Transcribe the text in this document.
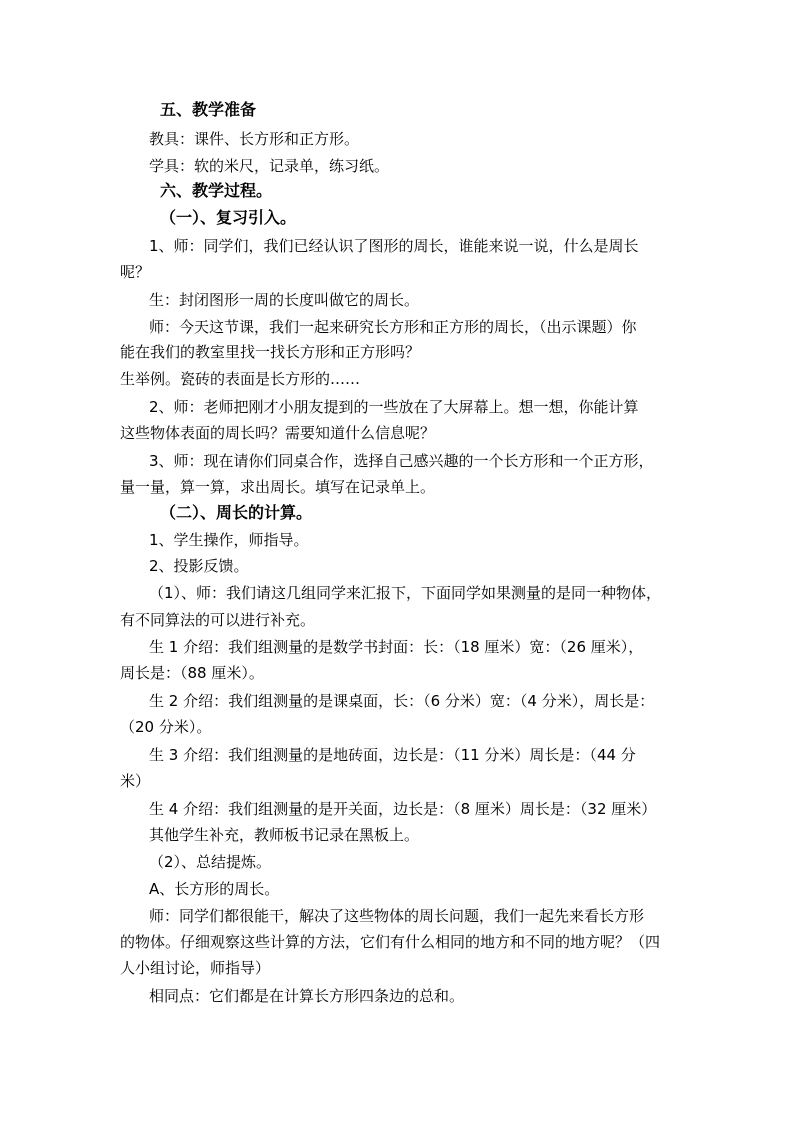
五、教学准备
教具：课件、长方形和正方形。
学具：软的米尺，记录单，练习纸。
六、教学过程。
（一）、复习引入。
1、师：同学们，我们已经认识了图形的周长，谁能来说一说，什么是周长
呢？
生：封闭图形一周的长度叫做它的周长。
师：今天这节课，我们一起来研究长方形和正方形的周长，（出示课题）你
能在我们的教室里找一找长方形和正方形吗？
生举例。瓷砖的表面是长方形的……
2、师：老师把刚才小朋友提到的一些放在了大屏幕上。想一想，你能计算
这些物体表面的周长吗？需要知道什么信息呢？
3、师：现在请你们同桌合作，选择自己感兴趣的一个长方形和一个正方形，
量一量，算一算，求出周长。填写在记录单上。
（二）、周长的计算。
1、学生操作，师指导。
2、投影反馈。
（1）、师：我们请这几组同学来汇报下，下面同学如果测量的是同一种物体，
有不同算法的可以进行补充。
生 1 介绍：我们组测量的是数学书封面：长：（18 厘米）宽：（26 厘米），
周长是：（88 厘米）。
生 2 介绍：我们组测量的是课桌面，长：（6 分米）宽：（4 分米），周长是：
（20 分米）。
生 3 介绍：我们组测量的是地砖面，边长是：（11 分米）周长是：（44 分
米）
生 4 介绍：我们组测量的是开关面，边长是：（8 厘米）周长是：（32 厘米）
其他学生补充，教师板书记录在黑板上。
（2）、总结提炼。
A、长方形的周长。
师：同学们都很能干，解决了这些物体的周长问题，我们一起先来看长方形
的物体。仔细观察这些计算的方法，它们有什么相同的地方和不同的地方呢？（四
人小组讨论，师指导）
相同点：它们都是在计算长方形四条边的总和。
